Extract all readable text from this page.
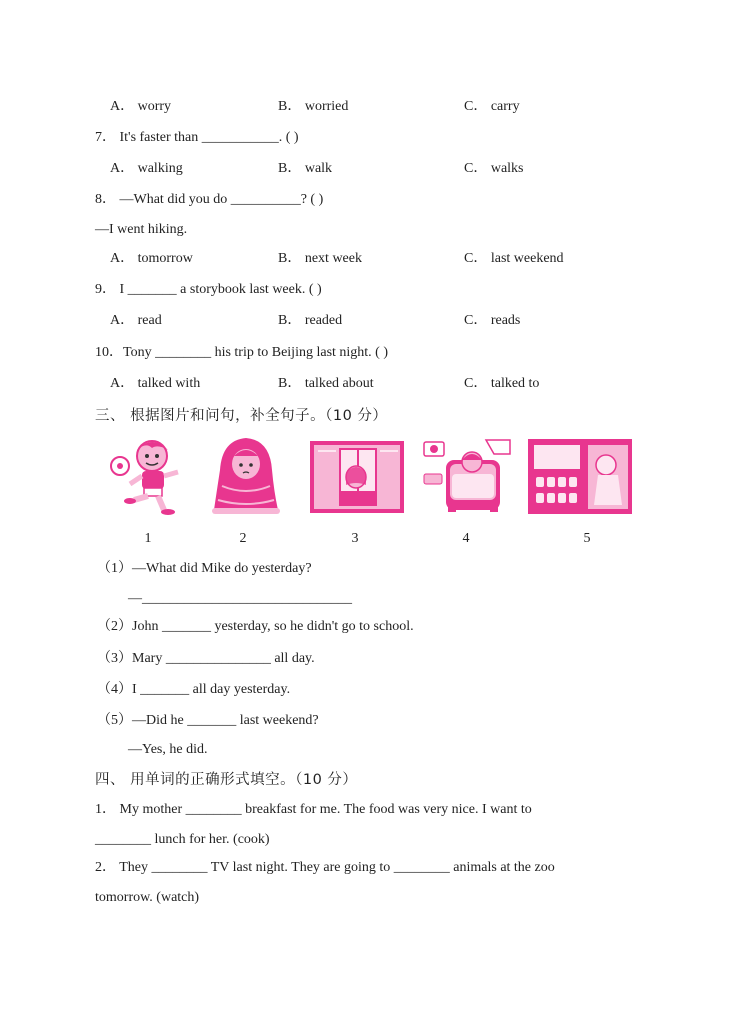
A． worry	B． worried	C． carry
7． It's faster than ___________. ( )
A． walking	B． walk	C． walks
8． —What did you do __________? ( )
—I went hiking.
A． tomorrow	B． next week	C． last weekend
9． I _______ a storybook last week. ( )
A． read	B． readed	C． reads
10．Tony ________ his trip to Beijing last night. ( )
A． talked with	B． talked about	C． talked to
三、 根据图片和问句，补全句子。（10 分）
1	2	3	4	5
（1）—What did Mike do yesterday?
—______________________________
（2）John _______ yesterday, so he didn't go to school.
（3）Mary _______________ all day.
（4）I _______ all day yesterday.
（5）—Did he _______ last weekend?
—Yes, he did.
四、 用单词的正确形式填空。（10 分）
1． My mother ________ breakfast for me. The food was very nice. I want to
________ lunch for her. (cook)
2． They ________ TV last night. They are going to ________ animals at the zoo
tomorrow. (watch)
